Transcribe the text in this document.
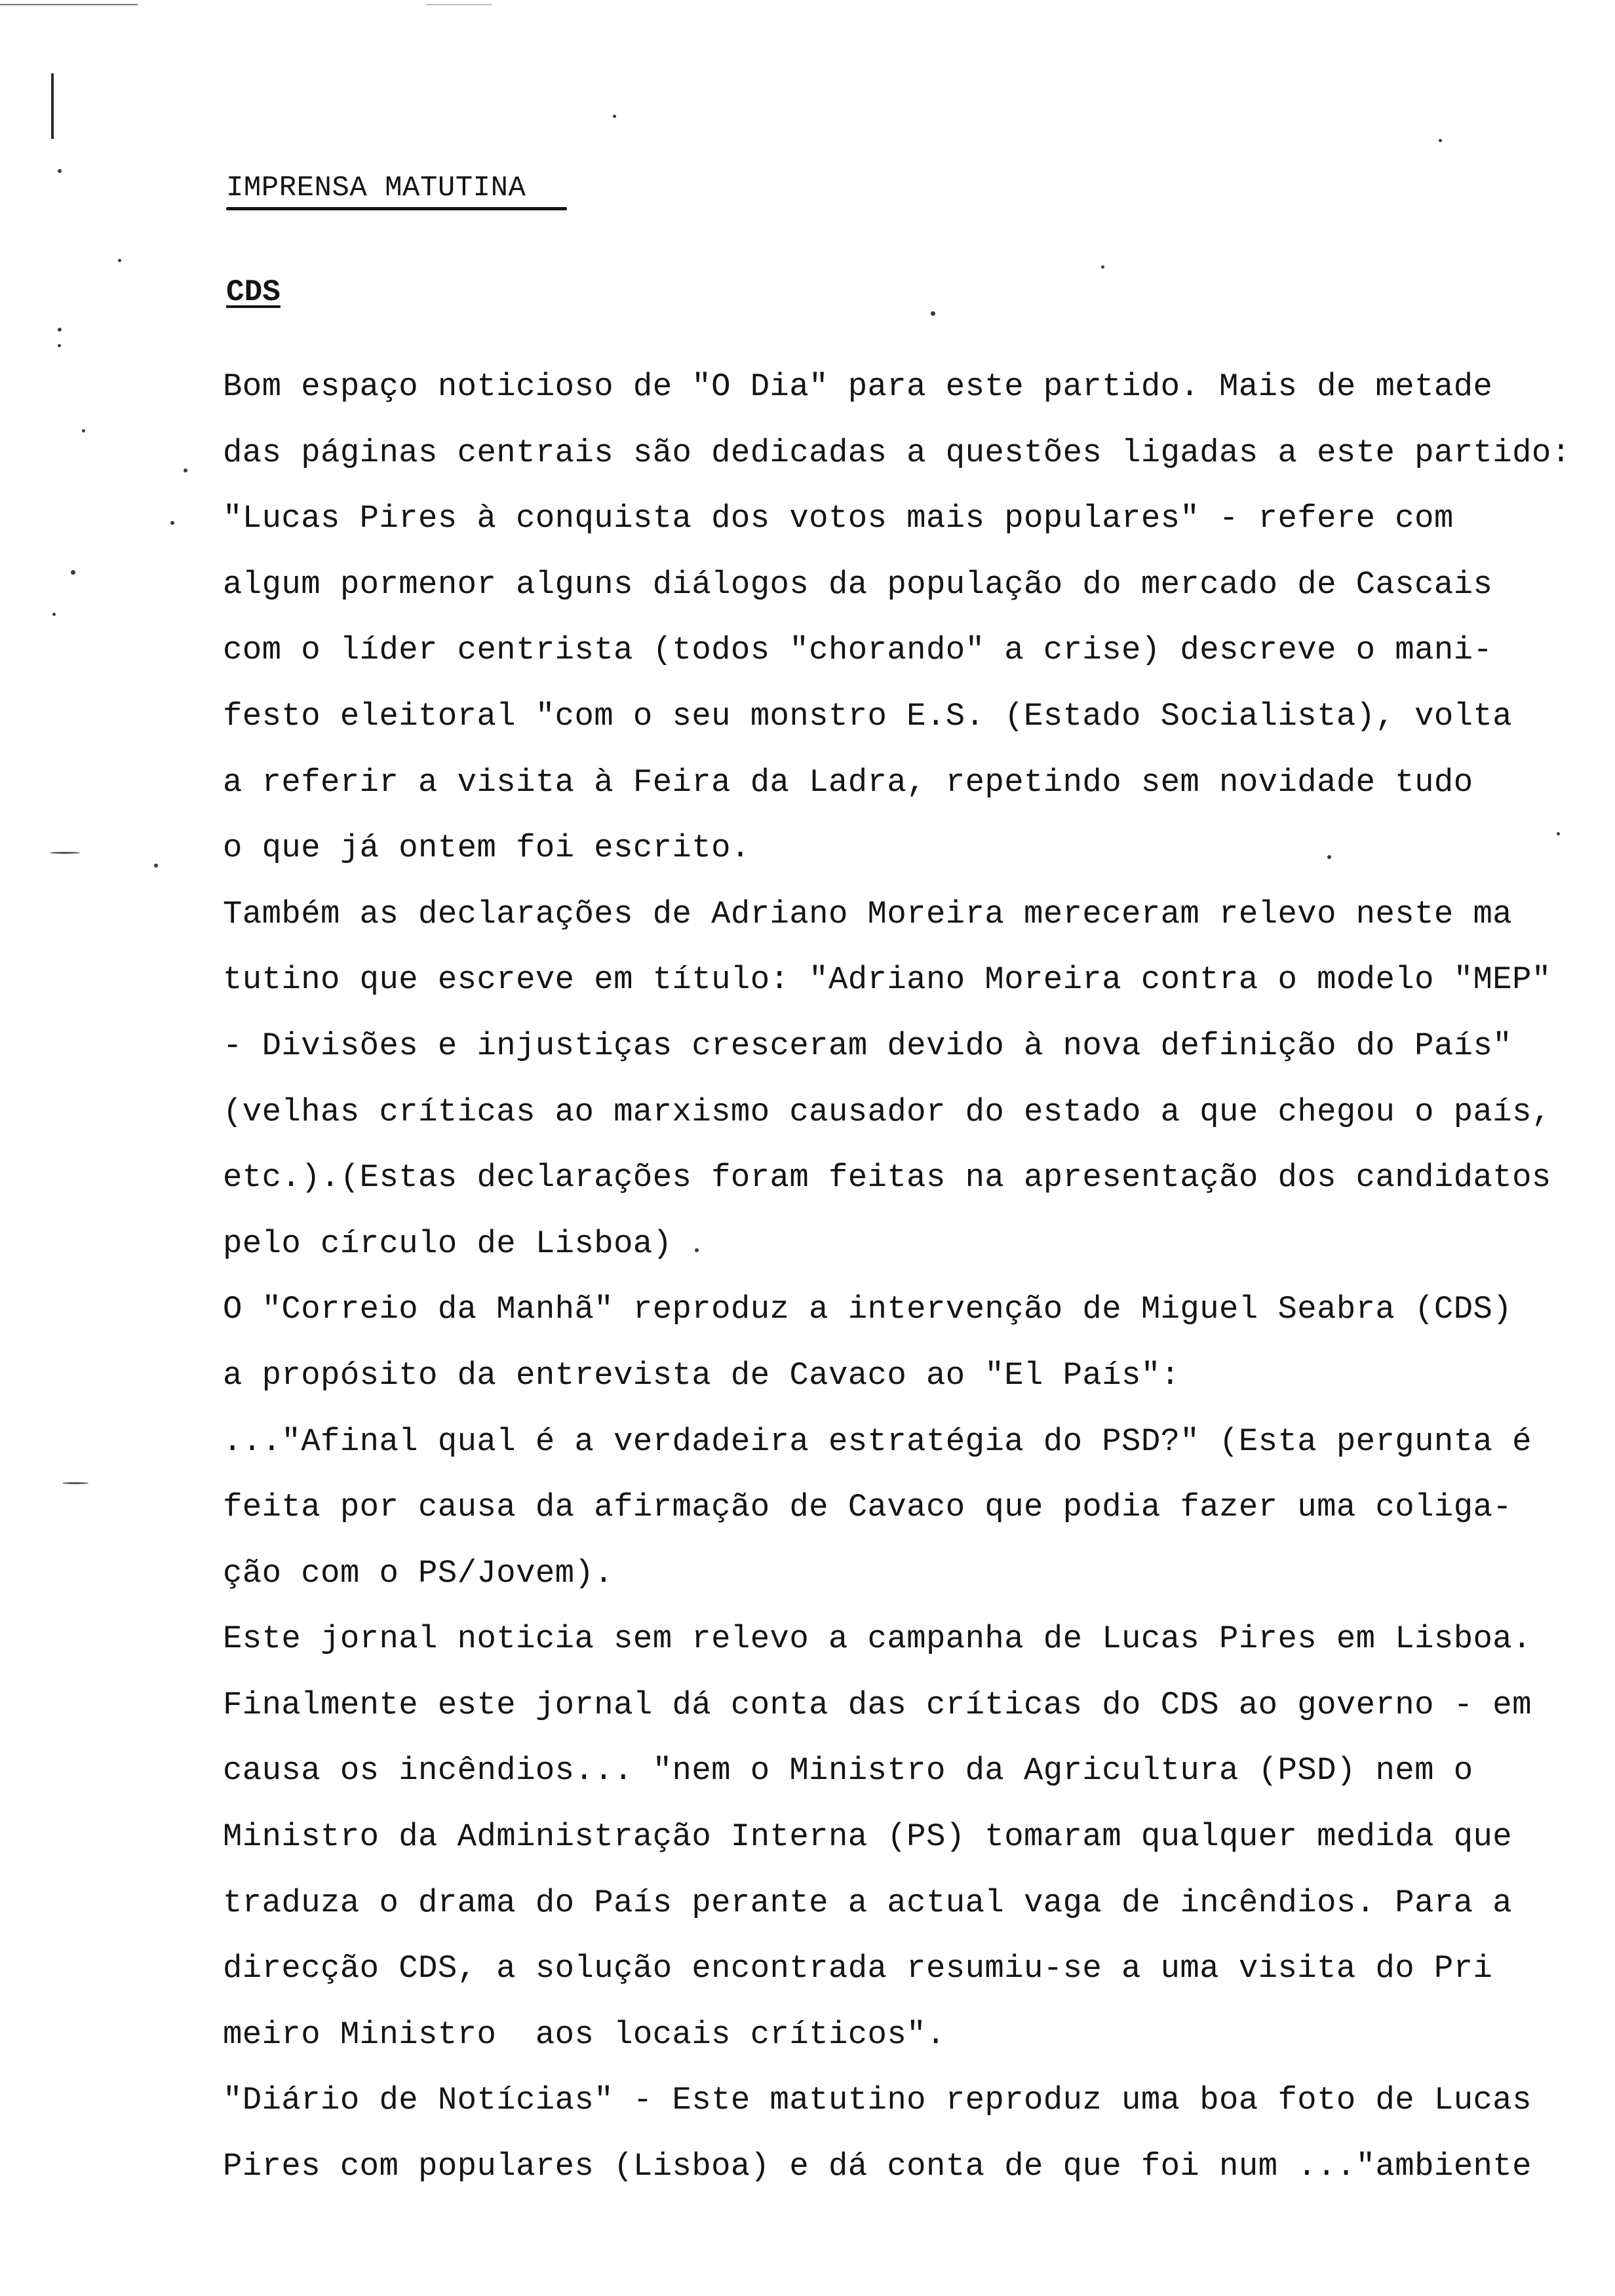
IMPRENSA MATUTINA
CDS
Bom espaço noticioso de "O Dia" para este partido. Mais de metade
das páginas centrais são dedicadas a questões ligadas a este partido:
"Lucas Pires à conquista dos votos mais populares" - refere com
algum pormenor alguns diálogos da população do mercado de Cascais
com o líder centrista (todos "chorando" a crise) descreve o mani-
festo eleitoral "com o seu monstro E.S. (Estado Socialista), volta
a referir a visita à Feira da Ladra, repetindo sem novidade tudo
o que já ontem foi escrito.
Também as declarações de Adriano Moreira mereceram relevo neste ma
tutino que escreve em título: "Adriano Moreira contra o modelo "MEP"
- Divisões e injustiças cresceram devido à nova definição do País"
(velhas críticas ao marxismo causador do estado a que chegou o país,
etc.).(Estas declarações foram feitas na apresentação dos candidatos
pelo círculo de Lisboa)
O "Correio da Manhã" reproduz a intervenção de Miguel Seabra (CDS)
a propósito da entrevista de Cavaco ao "El País":
..."Afinal qual é a verdadeira estratégia do PSD?" (Esta pergunta é
feita por causa da afirmação de Cavaco que podia fazer uma coliga-
ção com o PS/Jovem).
Este jornal noticia sem relevo a campanha de Lucas Pires em Lisboa.
Finalmente este jornal dá conta das críticas do CDS ao governo - em
causa os incêndios... "nem o Ministro da Agricultura (PSD) nem o
Ministro da Administração Interna (PS) tomaram qualquer medida que
traduza o drama do País perante a actual vaga de incêndios. Para a
direcção CDS, a solução encontrada resumiu-se a uma visita do Pri
meiro Ministro  aos locais críticos".
"Diário de Notícias" - Este matutino reproduz uma boa foto de Lucas
Pires com populares (Lisboa) e dá conta de que foi num ..."ambiente
